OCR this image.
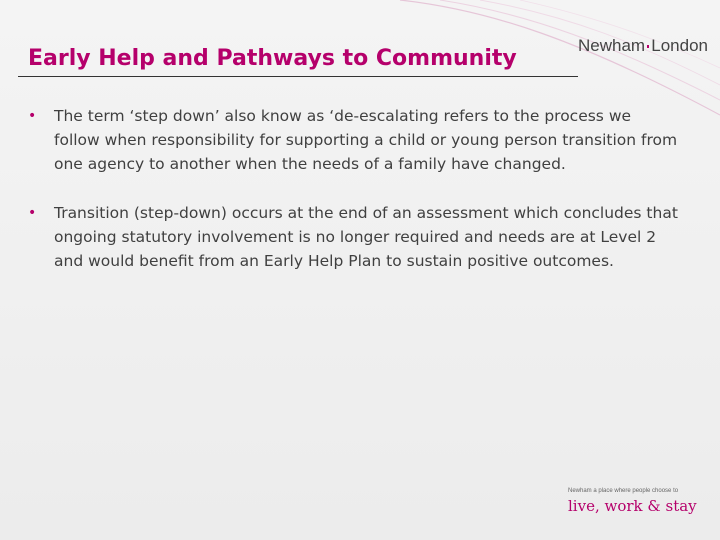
Early Help and Pathways to Community
Newham London
• The term ‘step down’ also know as ‘de-escalating refers to the process we follow when responsibility for supporting a child or young person transition from one agency to another when the needs of a family have changed.
• Transition (step-down) occurs at the end of an assessment which concludes that ongoing statutory involvement is no longer required and needs are at Level 2 and would benefit from an Early Help Plan to sustain positive outcomes.
Newham a place where people choose to
live, work & stay
